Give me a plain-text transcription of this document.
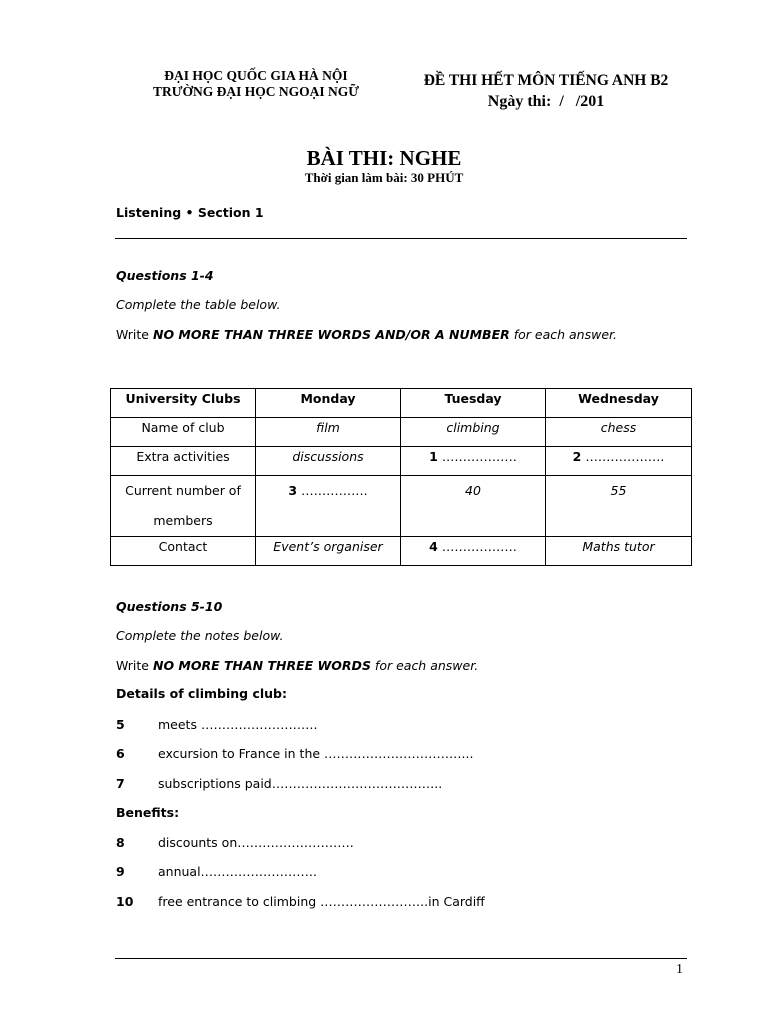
ĐẠI HỌC QUỐC GIA HÀ NỘI
TRƯỜNG ĐẠI HỌC NGOẠI NGỮ
ĐỀ THI HẾT MÔN TIẾNG ANH B2
Ngày thi:  /   /201
BÀI THI: NGHE
Thời gian làm bài: 30 PHÚT
Listening • Section 1
Questions 1-4
Complete the table below.
Write NO MORE THAN THREE WORDS AND/OR A NUMBER for each answer.
University Clubs	Monday	Tuesday	Wednesday
Name of club	film	climbing	chess
Extra activities	discussions	1 ………………	2 ……………….

Current number of
members	3 …………….	40	55
Contact	Event’s organiser	4 ………………	Maths tutor
Questions 5-10
Complete the notes below.
Write NO MORE THAN THREE WORDS for each answer.
Details of climbing club:
5	meets ……………………….
6	excursion to France in the ……………………………...
7	subscriptions paid…………………………………..
Benefits:
8	discounts on……………………….
9	annual……………………….
10 free entrance to climbing ……………………..in Cardiff
1
